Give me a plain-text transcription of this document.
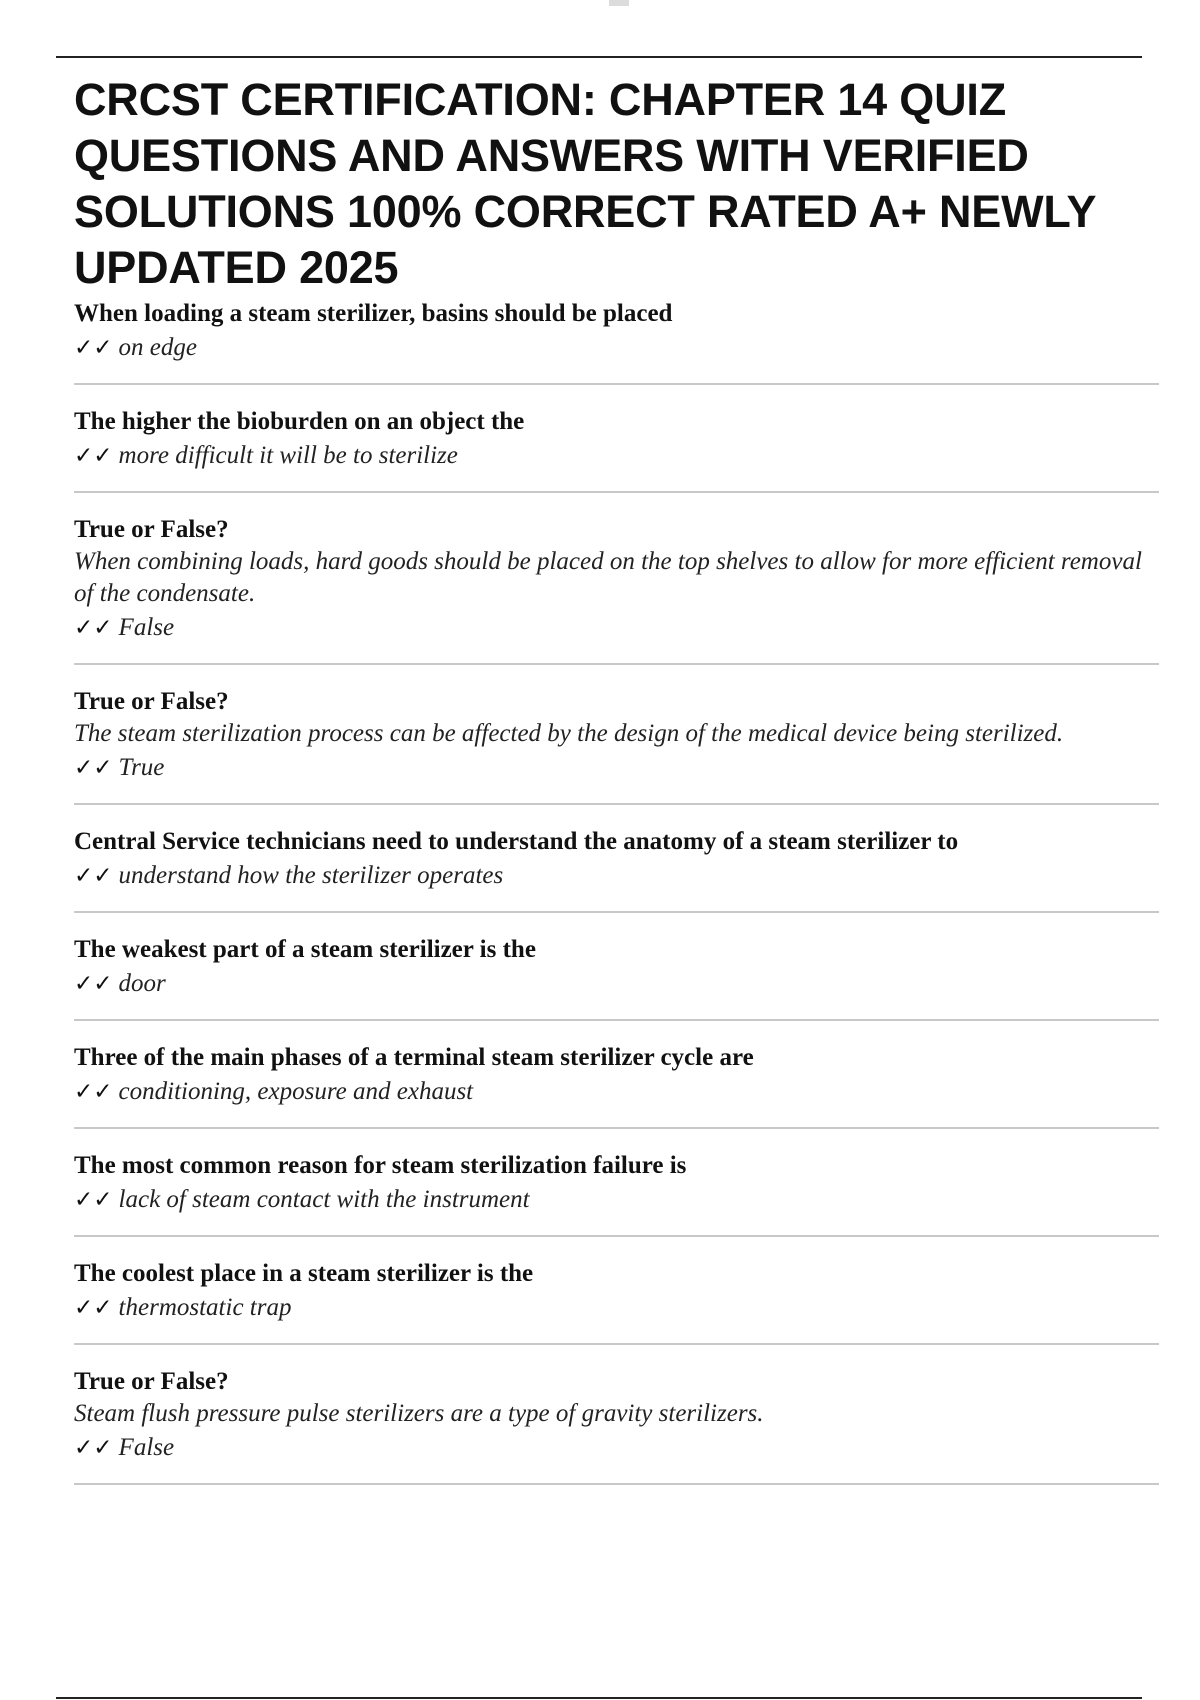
CRCST CERTIFICATION: CHAPTER 14 QUIZ QUESTIONS AND ANSWERS WITH VERIFIED SOLUTIONS 100% CORRECT RATED A+ NEWLY UPDATED 2025
When loading a steam sterilizer, basins should be placed
✓✓ on edge
The higher the bioburden on an object the
✓✓ more difficult it will be to sterilize
True or False?
When combining loads, hard goods should be placed on the top shelves to allow for more efficient removal of the condensate.
✓✓ False
True or False?
The steam sterilization process can be affected by the design of the medical device being sterilized.
✓✓ True
Central Service technicians need to understand the anatomy of a steam sterilizer to
✓✓ understand how the sterilizer operates
The weakest part of a steam sterilizer is the
✓✓ door
Three of the main phases of a terminal steam sterilizer cycle are
✓✓ conditioning, exposure and exhaust
The most common reason for steam sterilization failure is
✓✓ lack of steam contact with the instrument
The coolest place in a steam sterilizer is the
✓✓ thermostatic trap
True or False?
Steam flush pressure pulse sterilizers are a type of gravity sterilizers.
✓✓ False
